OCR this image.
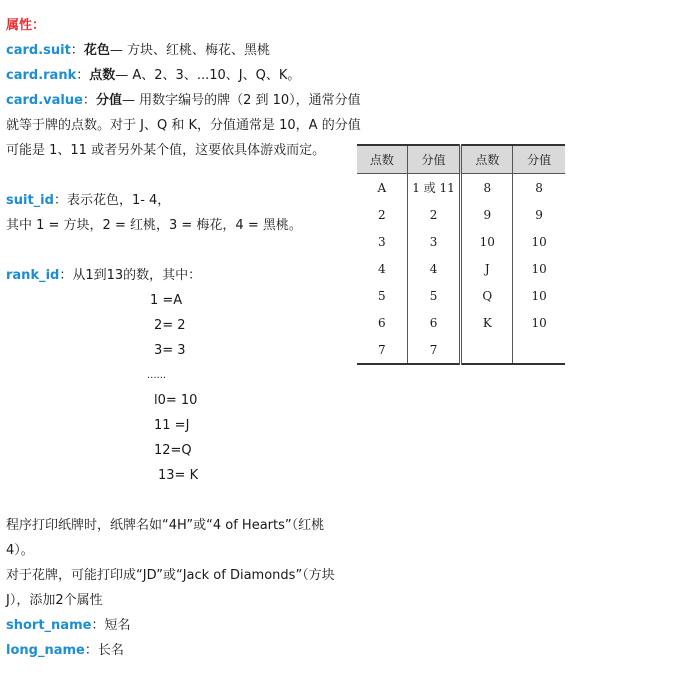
属性：
card.suit：花色— 方块、红桃、梅花、黑桃
card.rank：点数— A、2、3、...10、J、Q、K。
card.value：分值— 用数字编号的牌（2 到 10），通常分值
就等于牌的点数。对于 J、Q 和 K，分值通常是 10，A 的分值
可能是 1、11 或者另外某个值，这要依具体游戏而定。
suit_id：表示花色，1- 4，
其中 1 = 方块，2 = 红桃，3 = 梅花，4 = 黑桃。
rank_id：从1到13的数，其中：
1 =A
2= 2
3= 3
......
l0= 10
11 =J
12=Q
13= K
程序打印纸牌时，纸牌名如“4H”或“4 of Hearts”（红桃
4）。
对于花牌，可能打印成“JD”或“Jack of Diamonds”（方块
J），添加2个属性
short_name：短名
long_name：长名
点数	分值	点数	分值
A	1 或 11	8	8
2	2	9	9
3	3	10	10
4	4	J	10
5	5	Q	10
6	6	K	10
7	7		
